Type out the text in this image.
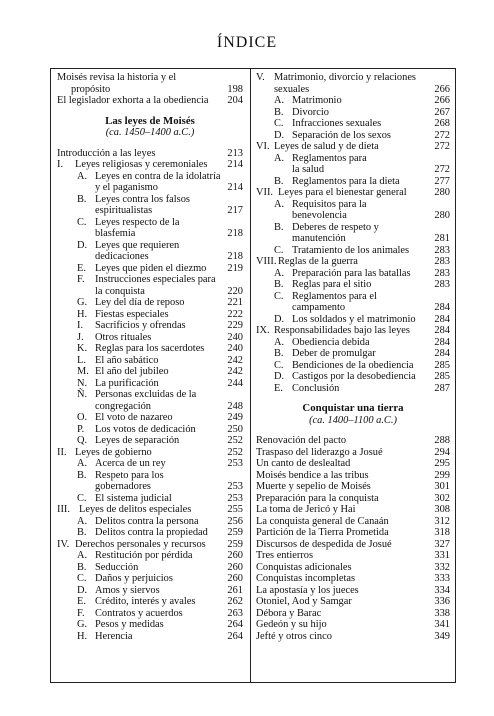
ÍNDICE
Moisés revisa la historia y el
propósito	198
El legislador exhorta a la obediencia	204
Las leyes de Moisés
(ca. 1450–1400 a.C.)
Introducción a las leyes	213
I. Leyes religiosas y ceremoniales	214
A. Leyes en contra de la idolatría
y el paganismo	214
B. Leyes contra los falsos
espiritualistas	217
C. Leyes respecto de la
blasfemia	218
D. Leyes que requieren
dedicaciones	218
E. Leyes que piden el diezmo	219
F. Instrucciones especiales para
la conquista	220
G. Ley del día de reposo	221
H. Fiestas especiales	222
I. Sacrificios y ofrendas	229
J. Otros rituales	240
K. Reglas para los sacerdotes	240
L. El año sabático	242
M. El año del jubileo	242
N. La purificación	244
Ñ. Personas excluidas de la
congregación	248
O. El voto de nazareo	249
P. Los votos de dedicación	250
Q. Leyes de separación	252
II. Leyes de gobierno	252
A. Acerca de un rey	253
B. Respeto para los
gobernadores	253
C. El sistema judicial	253
III. Leyes de delitos especiales	255
A. Delitos contra la persona	256
B. Delitos contra la propiedad	259
IV. Derechos personales y recursos	259
A. Restitución por pérdida	260
B. Seducción	260
C. Daños y perjuicios	260
D. Amos y siervos	261
E. Crédito, interés y avales	262
F. Contratos y acuerdos	263
G. Pesos y medidas	264
H. Herencia	264
V. Matrimonio, divorcio y relaciones
sexuales	266
A. Matrimonio	266
B. Divorcio	267
C. Infracciones sexuales	268
D. Separación de los sexos	272
VI. Leyes de salud y de dieta	272
A. Reglamentos para
la salud	272
B. Reglamentos para la dieta	277
VII. Leyes para el bienestar general	280
A. Requisitos para la
benevolencia	280
B. Deberes de respeto y
manutención	281
C. Tratamiento de los animales	283
VIII. Reglas de la guerra	283
A. Preparación para las batallas	283
B. Reglas para el sitio	283
C. Reglamentos para el
campamento	284
D. Los soldados y el matrimonio	284
IX. Responsabilidades bajo las leyes	284
A. Obediencia debida	284
B. Deber de promulgar	284
C. Bendiciones de la obediencia	285
D. Castigos por la desobediencia	285
E. Conclusión	287
Conquistar una tierra
(ca. 1400–1100 a.C.)
Renovación del pacto	288
Traspaso del liderazgo a Josué	294
Un canto de deslealtad	295
Moisés bendice a las tribus	299
Muerte y sepelio de Moisés	301
Preparación para la conquista	302
La toma de Jericó y Hai	308
La conquista general de Canaán	312
Partición de la Tierra Prometida	318
Discursos de despedida de Josué	327
Tres entierros	331
Conquistas adicionales	332
Conquistas incompletas	333
La apostasía y los jueces	334
Otoniel, Aod y Samgar	336
Débora y Barac	338
Gedeón y su hijo	341
Jefté y otros cinco	349
